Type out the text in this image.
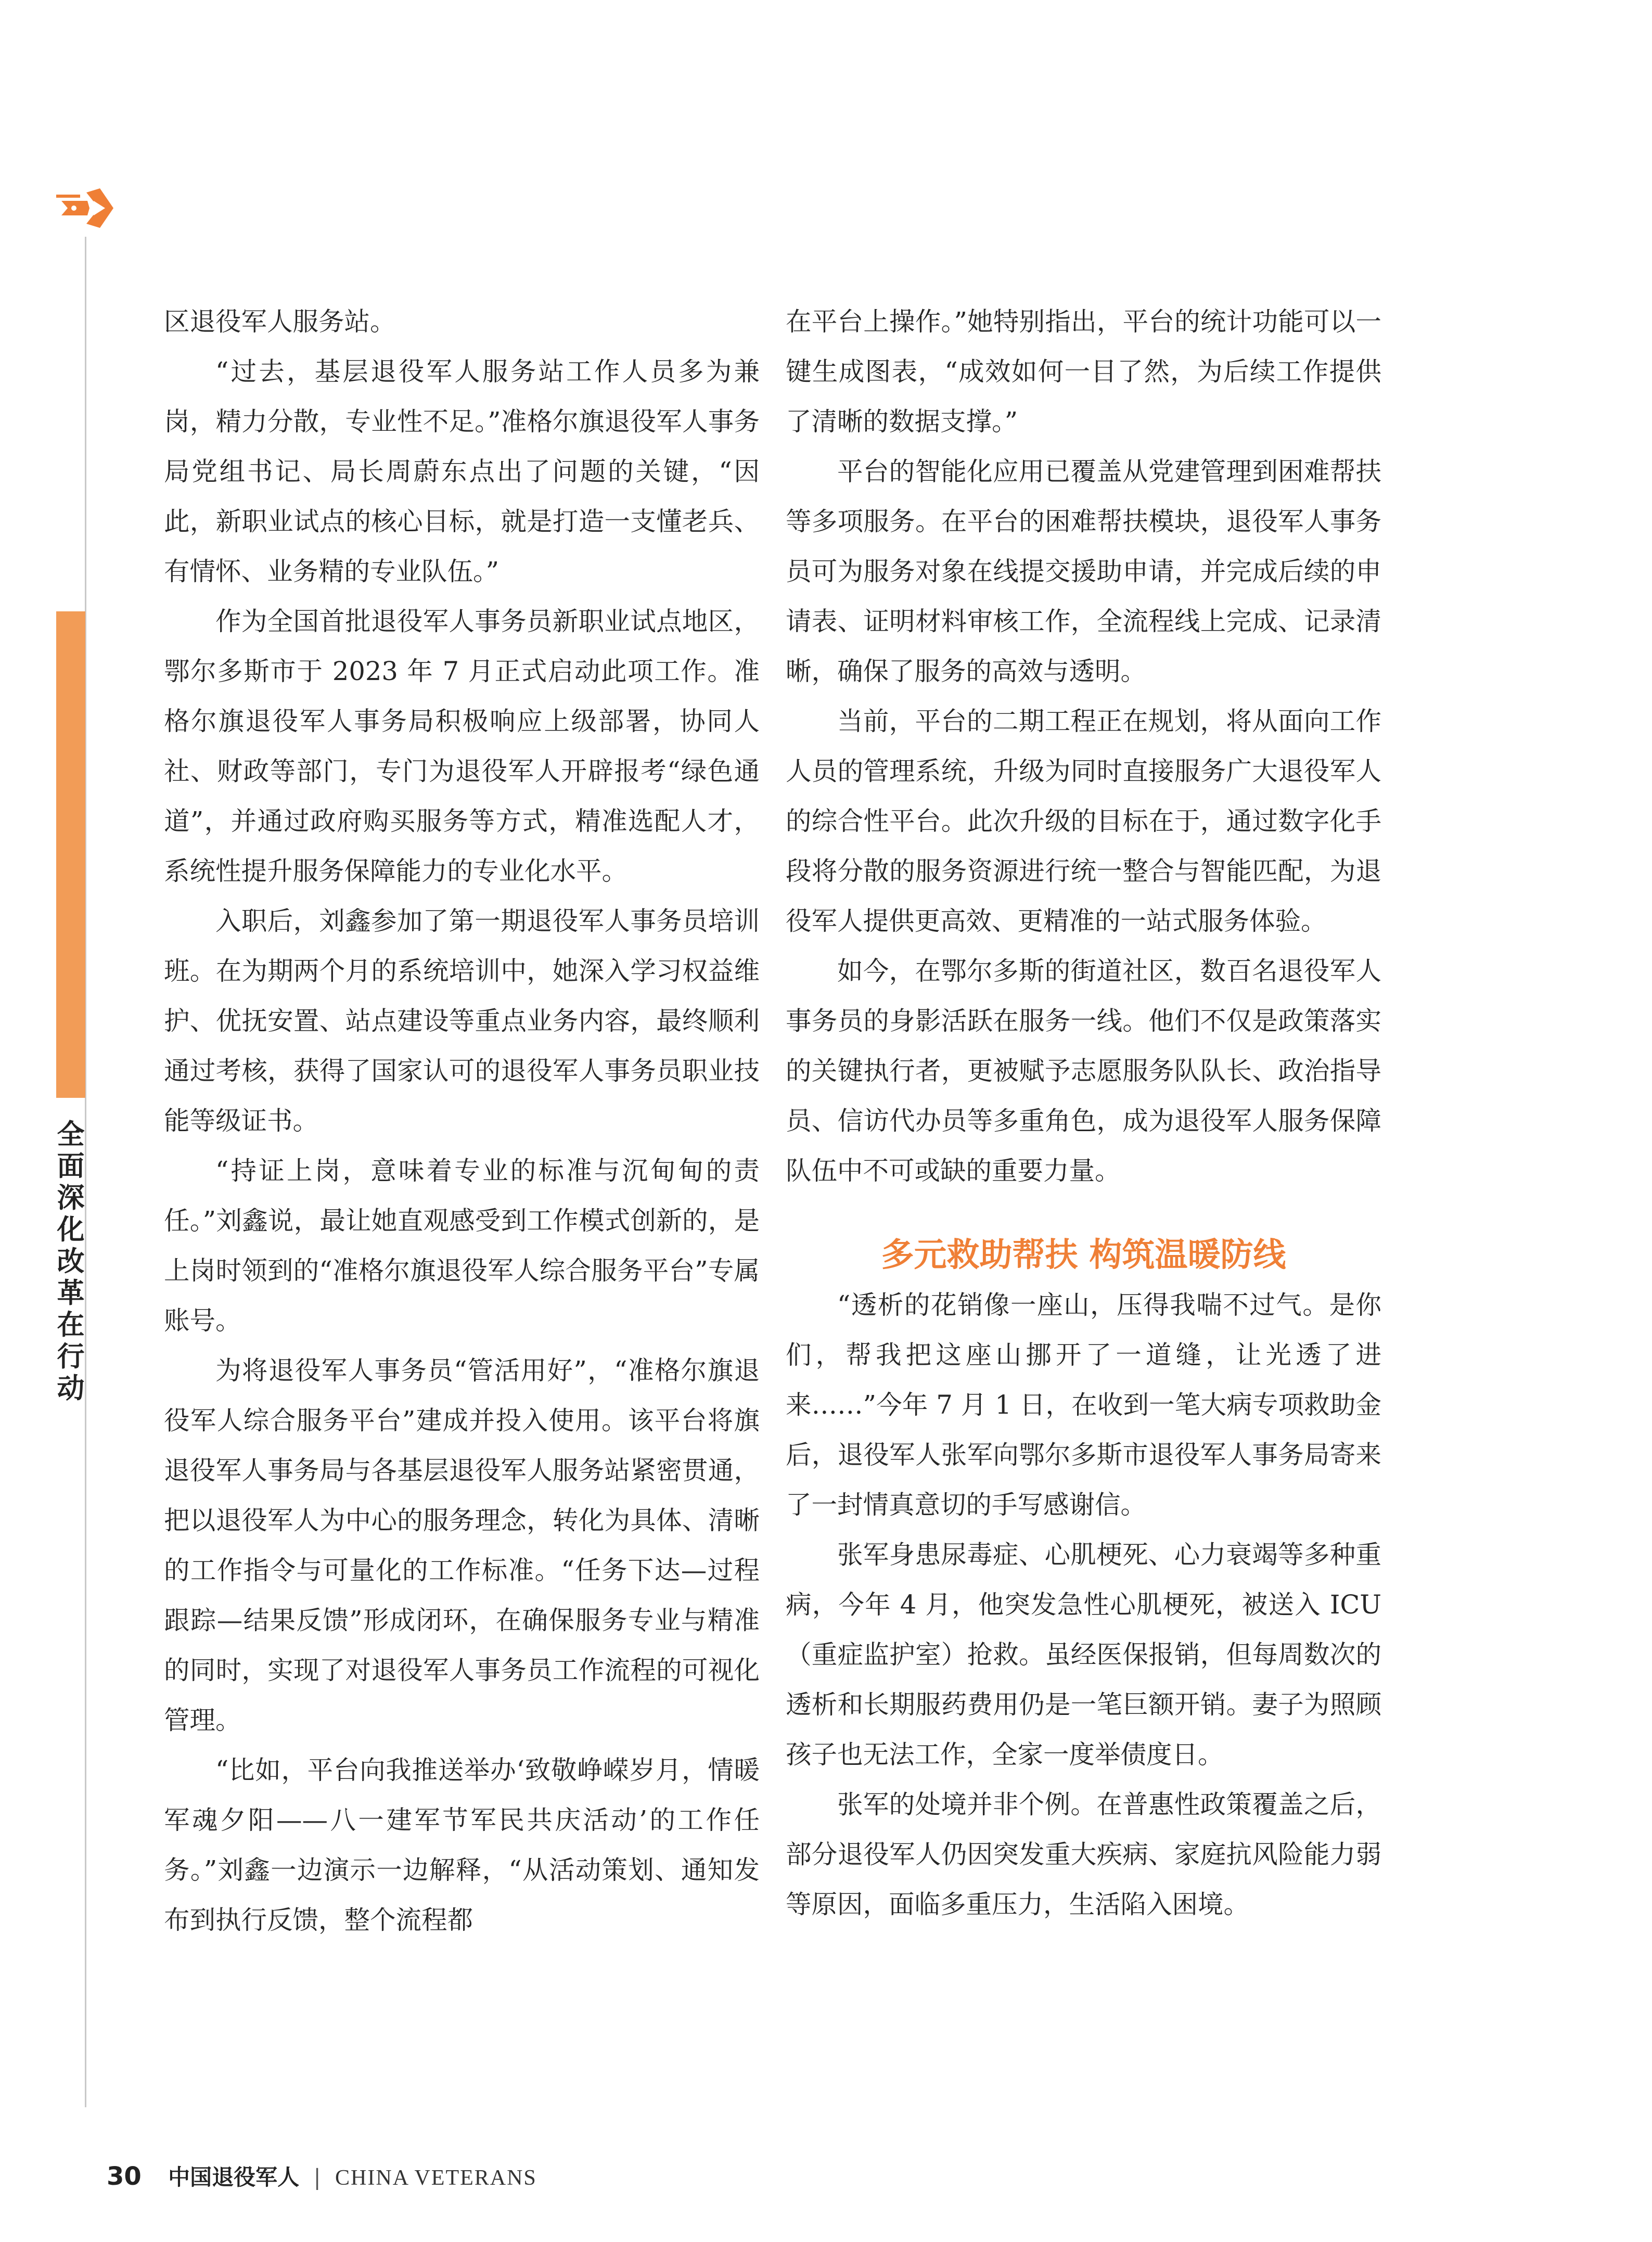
全面深化改革在行动

区退役军人服务站。

“过去，基层退役军人服务站工作人员多为兼岗，精力分散，专业性不足。”准格尔旗退役军人事务局党组书记、局长周蔚东点出了问题的关键，“因此，新职业试点的核心目标，就是打造一支懂老兵、有情怀、业务精的专业队伍。”

作为全国首批退役军人事务员新职业试点地区，鄂尔多斯市于 2023 年 7 月正式启动此项工作。准格尔旗退役军人事务局积极响应上级部署，协同人社、财政等部门，专门为退役军人开辟报考“绿色通道”，并通过政府购买服务等方式，精准选配人才，系统性提升服务保障能力的专业化水平。

入职后，刘鑫参加了第一期退役军人事务员培训班。在为期两个月的系统培训中，她深入学习权益维护、优抚安置、站点建设等重点业务内容，最终顺利通过考核，获得了国家认可的退役军人事务员职业技能等级证书。

“持证上岗，意味着专业的标准与沉甸甸的责任。”刘鑫说，最让她直观感受到工作模式创新的，是上岗时领到的“准格尔旗退役军人综合服务平台”专属账号。

为将退役军人事务员“管活用好”，“准格尔旗退役军人综合服务平台”建成并投入使用。该平台将旗退役军人事务局与各基层退役军人服务站紧密贯通，把以退役军人为中心的服务理念，转化为具体、清晰的工作指令与可量化的工作标准。“任务下达—过程跟踪—结果反馈”形成闭环，在确保服务专业与精准的同时，实现了对退役军人事务员工作流程的可视化管理。

“比如，平台向我推送举办‘致敬峥嵘岁月，情暖军魂夕阳——八一建军节军民共庆活动’的工作任务。”刘鑫一边演示一边解释，“从活动策划、通知发布到执行反馈，整个流程都

在平台上操作。”她特别指出，平台的统计功能可以一键生成图表，“成效如何一目了然，为后续工作提供了清晰的数据支撑。”

平台的智能化应用已覆盖从党建管理到困难帮扶等多项服务。在平台的困难帮扶模块，退役军人事务员可为服务对象在线提交援助申请，并完成后续的申请表、证明材料审核工作，全流程线上完成、记录清晰，确保了服务的高效与透明。

当前，平台的二期工程正在规划，将从面向工作人员的管理系统，升级为同时直接服务广大退役军人的综合性平台。此次升级的目标在于，通过数字化手段将分散的服务资源进行统一整合与智能匹配，为退役军人提供更高效、更精准的一站式服务体验。

如今，在鄂尔多斯的街道社区，数百名退役军人事务员的身影活跃在服务一线。他们不仅是政策落实的关键执行者，更被赋予志愿服务队队长、政治指导员、信访代办员等多重角色，成为退役军人服务保障队伍中不可或缺的重要力量。

多元救助帮扶 构筑温暖防线

“透析的花销像一座山，压得我喘不过气。是你们，帮我把这座山挪开了一道缝，让光透了进来……”今年 7 月 1 日，在收到一笔大病专项救助金后，退役军人张军向鄂尔多斯市退役军人事务局寄来了一封情真意切的手写感谢信。

张军身患尿毒症、心肌梗死、心力衰竭等多种重病，今年 4 月，他突发急性心肌梗死，被送入 ICU（重症监护室）抢救。虽经医保报销，但每周数次的透析和长期服药费用仍是一笔巨额开销。妻子为照顾孩子也无法工作，全家一度举债度日。

张军的处境并非个例。在普惠性政策覆盖之后，部分退役军人仍因突发重大疾病、家庭抗风险能力弱等原因，面临多重压力，生活陷入困境。

30 中国退役军人 | CHINA VETERANS
